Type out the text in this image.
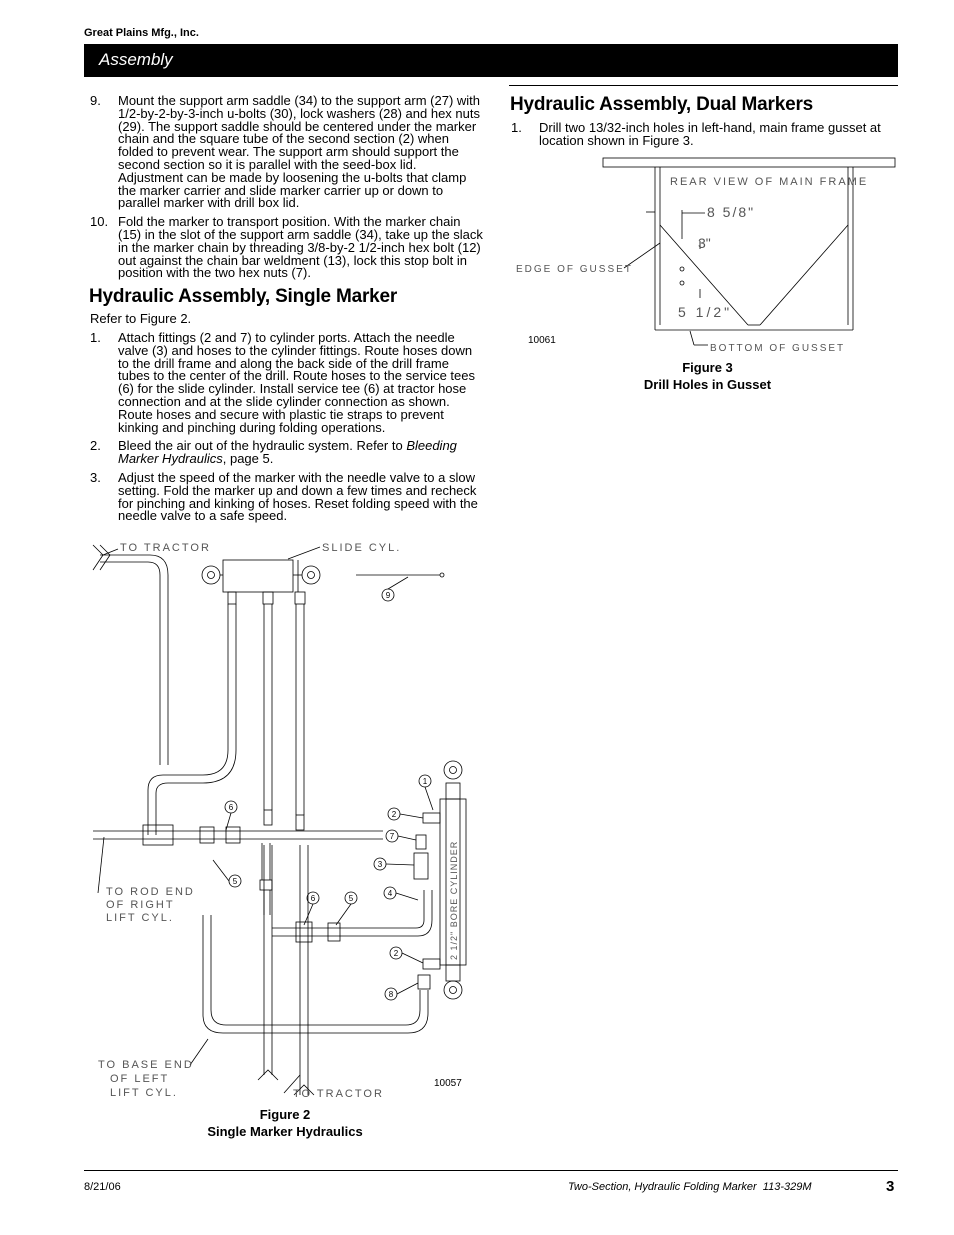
Great Plains Mfg., Inc.
Assembly
9. Mount the support arm saddle (34) to the support arm (27) with 1/2-by-2-by-3-inch u-bolts (30), lock washers (28) and hex nuts (29). The support saddle should be centered under the marker chain and the square tube of the second section (2) when folded to prevent wear. The support arm should support the second section so it is parallel with the seed-box lid. Adjustment can be made by loosening the u-bolts that clamp the marker carrier and slide marker carrier up or down to parallel marker with drill box lid.
10. Fold the marker to transport position. With the marker chain (15) in the slot of the support arm saddle (34), take up the slack in the marker chain by threading 3/8-by-2 1/2-inch hex bolt (12) out against the chain bar weldment (13), lock this stop bolt in position with the two hex nuts (7).
Hydraulic Assembly, Single Marker
Refer to Figure 2.
1. Attach fittings (2 and 7) to cylinder ports. Attach the needle valve (3) and hoses to the cylinder fittings. Route hoses down to the drill frame and along the back side of the drill frame tubes to the center of the drill. Route hoses to the service tees (6) for the slide cylinder. Install service tee (6) at tractor hose connection and at the slide cylinder connection as shown. Route hoses and secure with plastic tie straps to prevent kinking and pinching during folding operations.
2. Bleed the air out of the hydraulic system. Refer to Bleeding Marker Hydraulics, page 5.
3. Adjust the speed of the marker with the needle valve to a slow setting. Fold the marker up and down a few times and recheck for pinching and kinking of hoses. Reset folding speed with the needle valve to a safe speed.
Hydraulic Assembly, Dual Markers
1. Drill two 13/32-inch holes in left-hand, main frame gusset at location shown in Figure 3.
REAR VIEW OF MAIN FRAME
8 5/8"
3"
5 1/2"
EDGE OF GUSSET
BOTTOM OF GUSSET
10061
Figure 3
Drill Holes in Gusset
TO TRACTOR	SLIDE CYL.
TO ROD END
OF RIGHT
LIFT CYL.
TO BASE END
OF LEFT
LIFT CYL.	TO TRACTOR
2 1/2" BORE CYLINDER
1
2
7
3
4
2
8
6
5
6	5
9
10057
Figure 2
Single Marker Hydraulics
8/21/06	Two-Section, Hydraulic Folding Marker  113-329M	3
